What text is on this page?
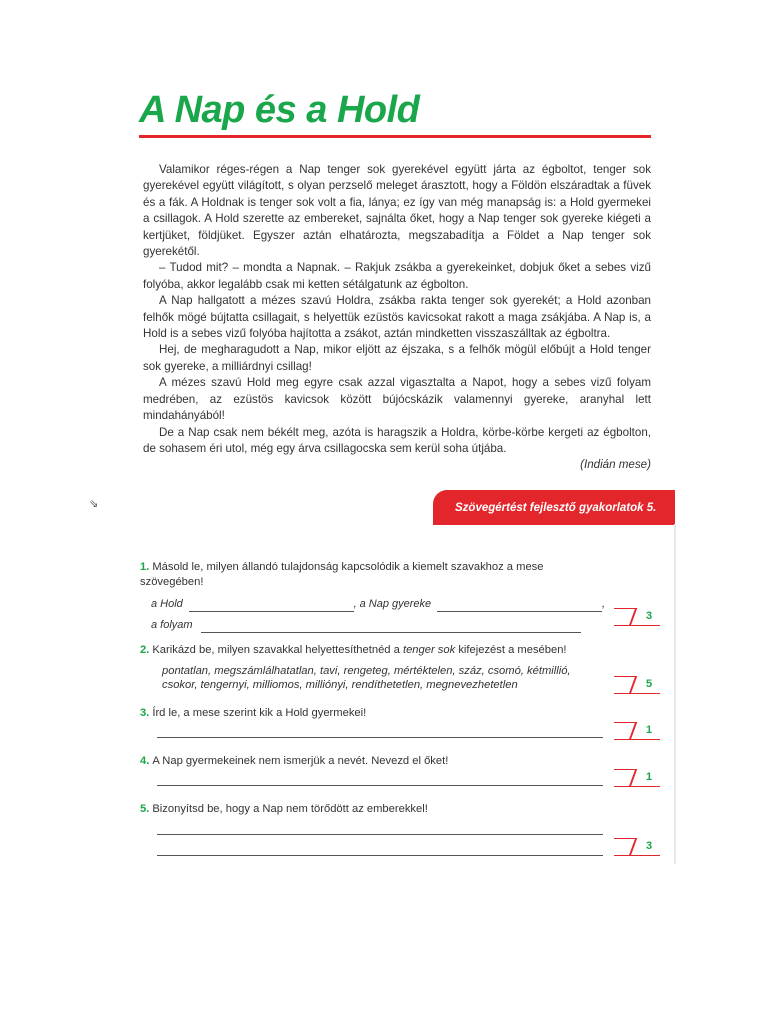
A Nap és a Hold

Valamikor réges-régen a Nap tenger sok gyerekével együtt járta az égboltot, tenger sok gyerekével együtt világított, s olyan perzselő meleget árasztott, hogy a Földön elszáradtak a füvek és a fák. A Holdnak is tenger sok volt a fia, lánya; ez így van még manapság is: a Hold gyermekei a csillagok. A Hold szerette az embereket, sajnálta őket, hogy a Nap tenger sok gyereke kiégeti a kertjüket, földjüket. Egyszer aztán elhatározta, megszabadítja a Földet a Nap tenger sok gyerekétől.

– Tudod mit? – mondta a Napnak. – Rakjuk zsákba a gyerekeinket, dobjuk őket a sebes vizű folyóba, akkor legalább csak mi ketten sétálgatunk az égbolton.

A Nap hallgatott a mézes szavú Holdra, zsákba rakta tenger sok gyerekét; a Hold azonban felhők mögé bújtatta csillagait, s helyettük ezüstös kavicsokat rakott a maga zsákjába. A Nap is, a Hold is a sebes vizű folyóba hajította a zsákot, aztán mindketten visszaszálltak az égboltra.

Hej, de megharagudott a Nap, mikor eljött az éjszaka, s a felhők mögül előbújt a Hold tenger sok gyereke, a milliárdnyi csillag!

A mézes szavú Hold meg egyre csak azzal vigasztalta a Napot, hogy a sebes vizű folyam medrében, az ezüstös kavicsok között bújócskázik valamennyi gyereke, aranyhal lett mindahányából!

De a Nap csak nem békélt meg, azóta is haragszik a Holdra, körbe-körbe kergeti az égbolton, de sohasem éri utol, még egy árva csillagocska sem kerül soha útjába.

(Indián mese)

⇘	Szövegértést fejlesztő gyakorlatok 5.

1. Másold le, milyen állandó tulajdonság kapcsolódik a kiemelt szavakhoz a mese szövegében!

a Hold	, a Nap gyereke	,
a folyam
3

2. Karikázd be, milyen szavakkal helyettesíthetnéd a tenger sok kifejezést a mesében!

pontatlan, megszámlálhatatlan, tavi, rengeteg, mértéktelen, száz, csomó, kétmillió, csokor, tengernyi, milliomos, milliónyi, rendíthetetlen, megnevezhetetlen	5

3. Írd le, a mese szerint kik a Hold gyermekei!

1

4. A Nap gyermekeinek nem ismerjük a nevét. Nevezd el őket!

1

5. Bizonyítsd be, hogy a Nap nem törődött az emberekkel!

3
